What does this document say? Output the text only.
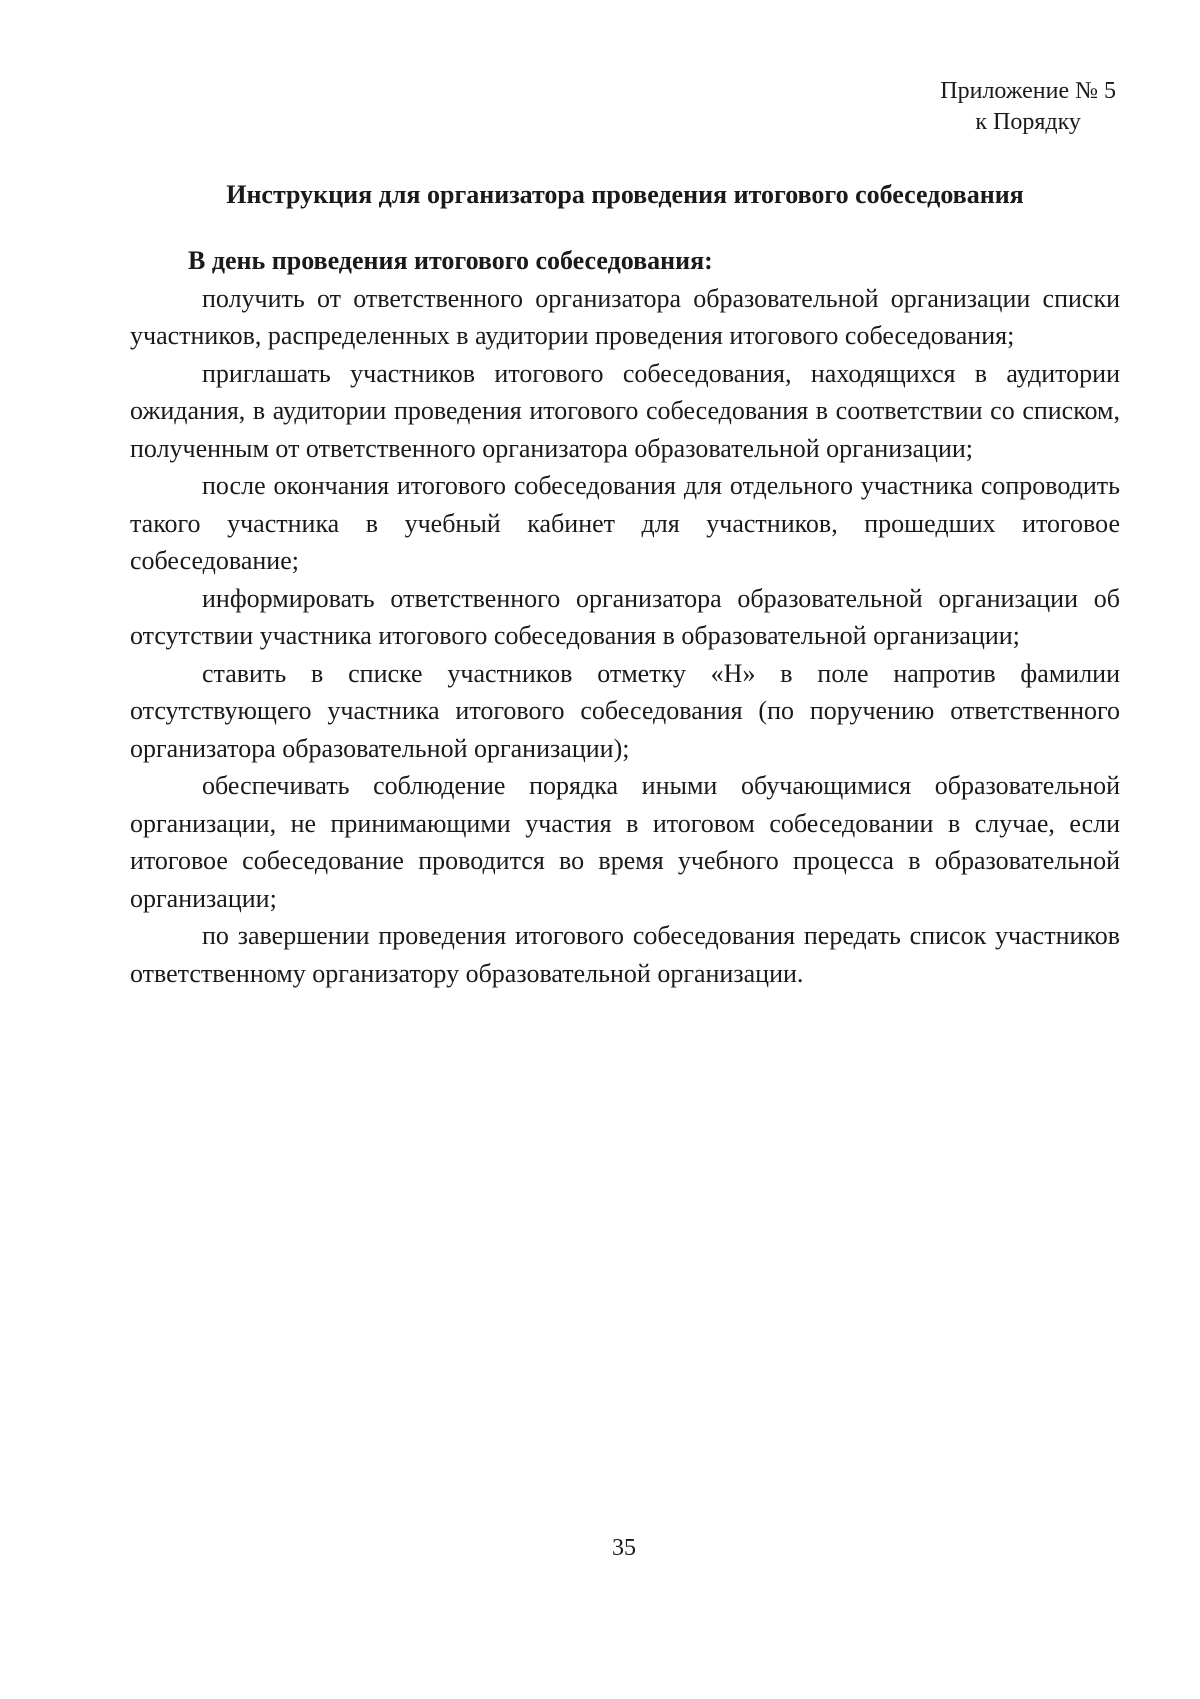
Приложение № 5
к Порядку
Инструкция для организатора проведения итогового собеседования

В день проведения итогового собеседования:

получить от ответственного организатора образовательной организации списки участников, распределенных в аудитории проведения итогового собеседования;

приглашать участников итогового собеседования, находящихся в аудитории ожидания, в аудитории проведения итогового собеседования в соответствии со списком, полученным от ответственного организатора образовательной организации;

после окончания итогового собеседования для отдельного участника сопроводить такого участника в учебный кабинет для участников, прошедших итоговое собеседование;

информировать ответственного организатора образовательной организации об отсутствии участника итогового собеседования в образовательной организации;

ставить в списке участников отметку «Н» в поле напротив фамилии отсутствующего участника итогового собеседования (по поручению ответственного организатора образовательной организации);

обеспечивать соблюдение порядка иными обучающимися образовательной организации, не принимающими участия в итоговом собеседовании в случае, если итоговое собеседование проводится во время учебного процесса в образовательной организации;

по завершении проведения итогового собеседования передать список участников ответственному организатору образовательной организации.

35
